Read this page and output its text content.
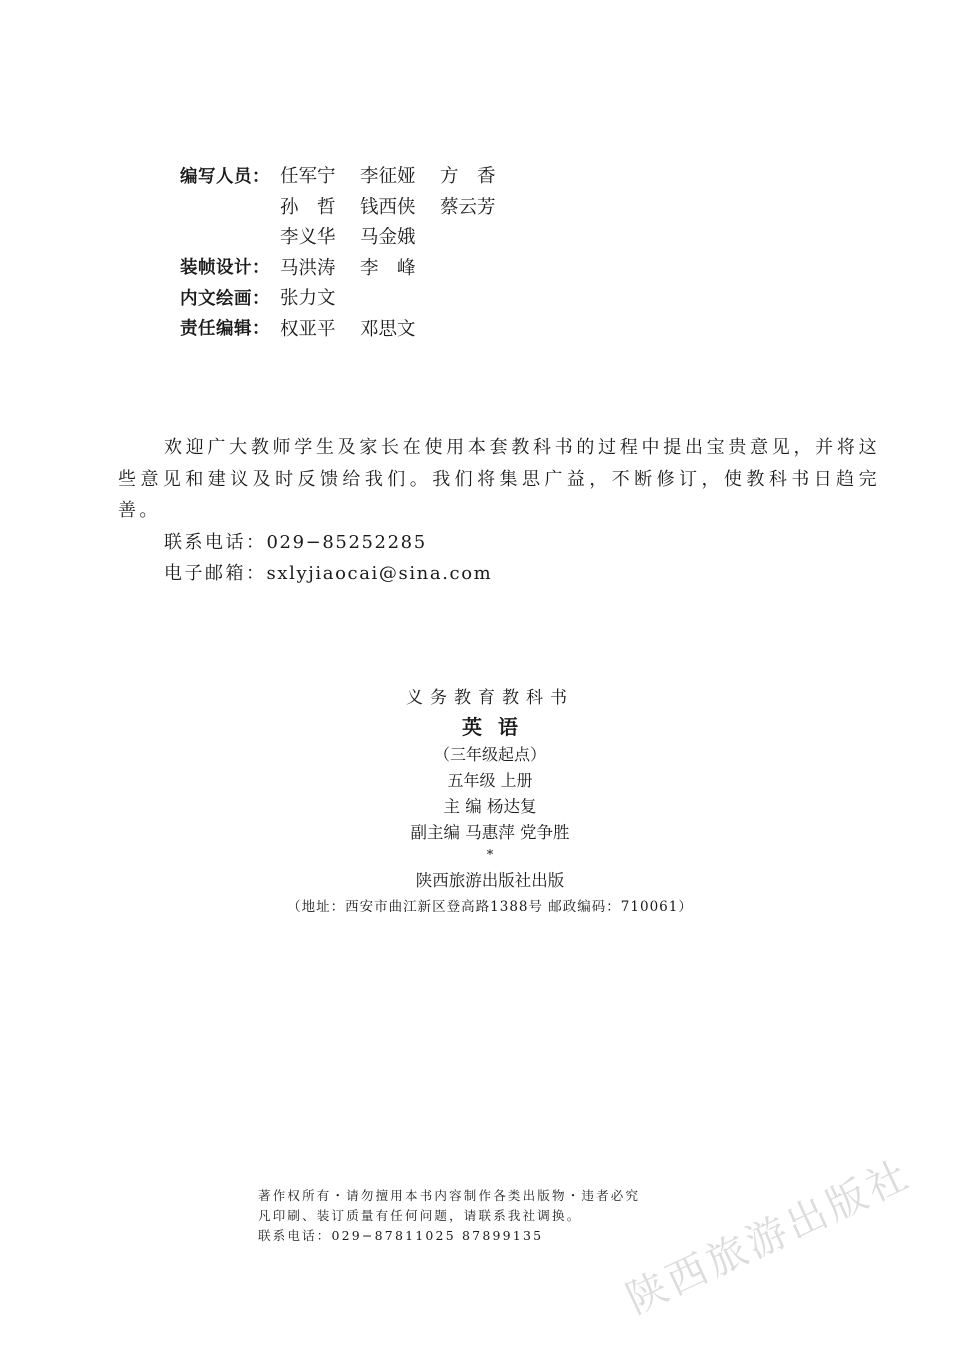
编写人员： 任军宁	李征娅	方　香
孙　哲	钱西侠	蔡云芳
李义华	马金娥
装帧设计： 马洪涛	李　峰
内文绘画： 张力文
责任编辑： 权亚平	邓思文

欢迎广大教师学生及家长在使用本套教科书的过程中提出宝贵意见，并将这些意见和建议及时反馈给我们。我们将集思广益，不断修订，使教科书日趋完善。

联系电话：029−85252285

电子邮箱：sxlyjiaocai@sina.com

义务教育教科书

英语

（三年级起点）

五年级 上册

主 编 杨达复

副主编 马惠萍 党争胜

*

陕西旅游出版社出版

（地址：西安市曲江新区登高路1388号 邮政编码：710061）

著作权所有・请勿擅用本书内容制作各类出版物・违者必究

凡印刷、装订质量有任何问题，请联系我社调换。

联系电话：029−87811025 87899135	陕西旅游出版社
